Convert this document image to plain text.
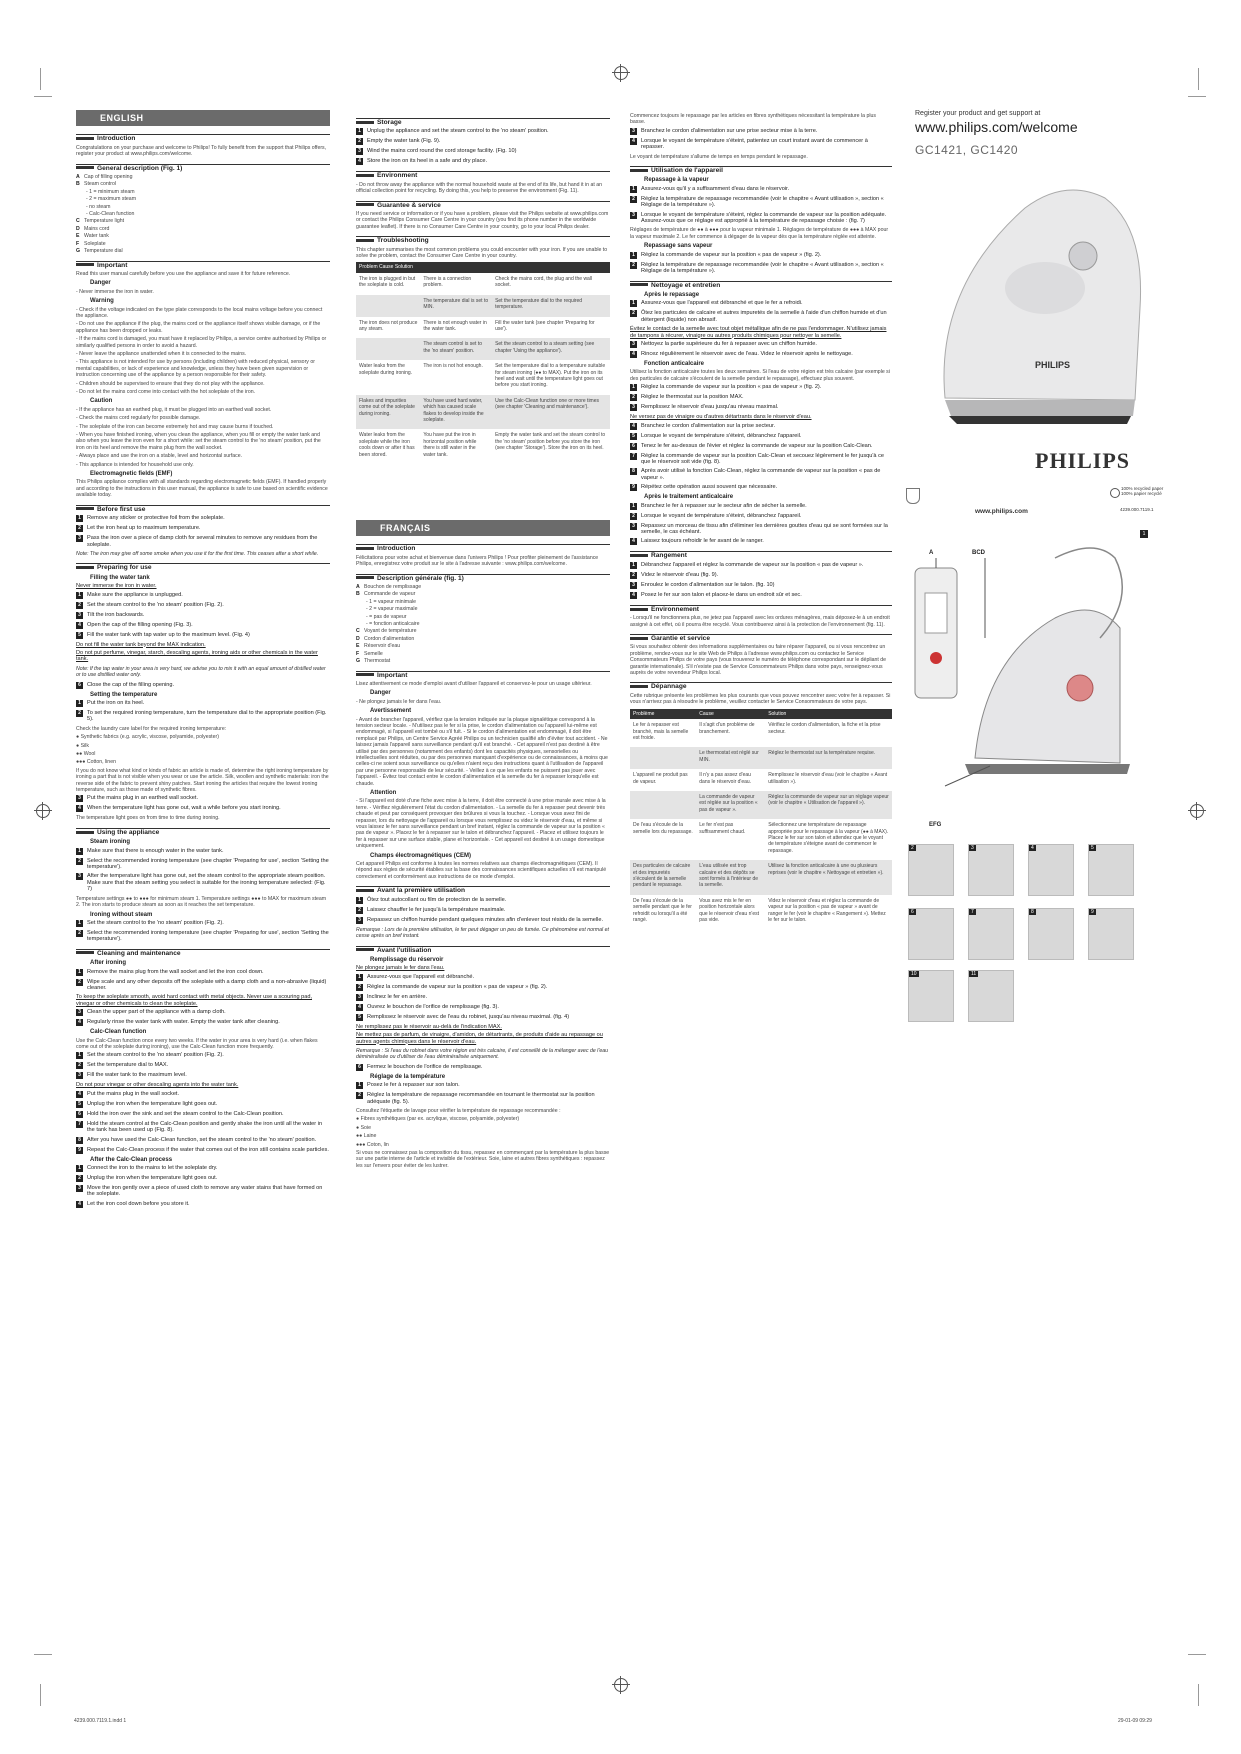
ENGLISH
Introduction
Congratulations on your purchase and welcome to Philips! To fully benefit from the support that Philips offers, register your product at www.philips.com/welcome.
General description (Fig. 1)
A Cap of filling opening
B Steam control
- 1 = minimum steam
- 2 = maximum steam
- no steam
- Calc-Clean function
C Temperature light
D Mains cord
E Water tank
F Soleplate
G Temperature dial
Important
Read this user manual carefully before you use the appliance and save it for future reference.
Danger
- Never immerse the iron in water.
Warning
- Check if the voltage indicated on the type plate corresponds to the local mains voltage before you connect the appliance.
- Do not use the appliance if the plug, the mains cord or the appliance itself shows visible damage, or if the appliance has been dropped or leaks.
- If the mains cord is damaged, you must have it replaced by Philips, a service centre authorised by Philips or similarly qualified persons in order to avoid a hazard.
- Never leave the appliance unattended when it is connected to the mains.
- This appliance is not intended for use by persons (including children) with reduced physical, sensory or mental capabilities, or lack of experience and knowledge, unless they have been given supervision or instruction concerning use of the appliance by a person responsible for their safety.
- Children should be supervised to ensure that they do not play with the appliance.
- Do not let the mains cord come into contact with the hot soleplate of the iron.
Caution
- If the appliance has an earthed plug, it must be plugged into an earthed wall socket.
- Check the mains cord regularly for possible damage.
- The soleplate of the iron can become extremely hot and may cause burns if touched.
- When you have finished ironing, when you clean the appliance, when you fill or empty the water tank and also when you leave the iron even for a short while: set the steam control to the 'no steam' position, put the iron on its heel and remove the mains plug from the wall socket.
- Always place and use the iron on a stable, level and horizontal surface.
- This appliance is intended for household use only.
Electromagnetic fields (EMF)
This Philips appliance complies with all standards regarding electromagnetic fields (EMF). If handled properly and according to the instructions in this user manual, the appliance is safe to use based on scientific evidence available today.
Before first use
1	Remove any sticker or protective foil from the soleplate.
2	Let the iron heat up to maximum temperature.
3	Pass the iron over a piece of damp cloth for several minutes to remove any residues from the soleplate.
Note: The iron may give off some smoke when you use it for the first time. This ceases after a short while.
Preparing for use
Filling the water tank
Never immerse the iron in water.
1	Make sure the appliance is unplugged.
2	Set the steam control to the 'no steam' position (Fig. 2).
3	Tilt the iron backwards.
4	Open the cap of the filling opening (Fig. 3).
5	Fill the water tank with tap water up to the maximum level. (Fig. 4)
Do not fill the water tank beyond the MAX indication.
Do not put perfume, vinegar, starch, descaling agents, ironing aids or other chemicals in the water tank.
Note: If the tap water in your area is very hard, we advise you to mix it with an equal amount of distilled water or to use distilled water only.
6	Close the cap of the filling opening.
Setting the temperature
1	Put the iron on its heel.
2	To set the required ironing temperature, turn the temperature dial to the appropriate position (Fig. 5).
Check the laundry care label for the required ironing temperature:
● Synthetic fabrics (e.g. acrylic, viscose, polyamide, polyester)
● Silk
●● Wool
●●● Cotton, linen
If you do not know what kind or kinds of fabric an article is made of, determine the right ironing temperature by ironing a part that is not visible when you wear or use the article. Silk, woollen and synthetic materials: iron the reverse side of the fabric to prevent shiny patches. Start ironing the articles that require the lowest ironing temperature, such as those made of synthetic fibres.
3	Put the mains plug in an earthed wall socket.
4	When the temperature light has gone out, wait a while before you start ironing.
The temperature light goes on from time to time during ironing.
Using the appliance
Steam ironing
1	Make sure that there is enough water in the water tank.
2	Select the recommended ironing temperature (see chapter 'Preparing for use', section 'Setting the temperature').
3	After the temperature light has gone out, set the steam control to the appropriate steam position. Make sure that the steam setting you select is suitable for the ironing temperature selected: (Fig. 7)
Temperature settings ●● to ●●● for minimum steam 1. Temperature settings ●●● to MAX for maximum steam 2. The iron starts to produce steam as soon as it reaches the set temperature.
Ironing without steam
1	Set the steam control to the 'no steam' position (Fig. 2).
2	Select the recommended ironing temperature (see chapter 'Preparing for use', section 'Setting the temperature').
Cleaning and maintenance
After ironing
1	Remove the mains plug from the wall socket and let the iron cool down.
2	Wipe scale and any other deposits off the soleplate with a damp cloth and a non-abrasive (liquid) cleaner.
To keep the soleplate smooth, avoid hard contact with metal objects. Never use a scouring pad, vinegar or other chemicals to clean the soleplate.
3	Clean the upper part of the appliance with a damp cloth.
4	Regularly rinse the water tank with water. Empty the water tank after cleaning.
Calc-Clean function
Use the Calc-Clean function once every two weeks. If the water in your area is very hard (i.e. when flakes come out of the soleplate during ironing), use the Calc-Clean function more frequently.
1	Set the steam control to the 'no steam' position (Fig. 2).
2	Set the temperature dial to MAX.
3	Fill the water tank to the maximum level.
Do not pour vinegar or other descaling agents into the water tank.
4	Put the mains plug in the wall socket.
5	Unplug the iron when the temperature light goes out.
6	Hold the iron over the sink and set the steam control to the Calc-Clean position.
7	Hold the steam control at the Calc-Clean position and gently shake the iron until all the water in the tank has been used up (Fig. 8).
8	After you have used the Calc-Clean function, set the steam control to the 'no steam' position.
9	Repeat the Calc-Clean process if the water that comes out of the iron still contains scale particles.
After the Calc-Clean process
1	Connect the iron to the mains to let the soleplate dry.
2	Unplug the iron when the temperature light goes out.
3	Move the iron gently over a piece of used cloth to remove any water stains that have formed on the soleplate.
4	Let the iron cool down before you store it.
Storage
1	Unplug the appliance and set the steam control to the 'no steam' position.
2	Empty the water tank (Fig. 9).
3	Wind the mains cord round the cord storage facility. (Fig. 10)
4	Store the iron on its heel in a safe and dry place.
Environment
- Do not throw away the appliance with the normal household waste at the end of its life, but hand it in at an official collection point for recycling. By doing this, you help to preserve the environment (Fig. 11).
Guarantee & service
If you need service or information or if you have a problem, please visit the Philips website at www.philips.com or contact the Philips Consumer Care Centre in your country (you find its phone number in the worldwide guarantee leaflet). If there is no Consumer Care Centre in your country, go to your local Philips dealer.
Troubleshooting
This chapter summarises the most common problems you could encounter with your iron. If you are unable to solve the problem, contact the Consumer Care Centre in your country.
Problem Cause Solution		
The iron is plugged in but the soleplate is cold.	There is a connection problem.	Check the mains cord, the plug and the wall socket.
	The temperature dial is set to MIN.	Set the temperature dial to the required temperature.
The iron does not produce any steam.	There is not enough water in the water tank.	Fill the water tank (see chapter 'Preparing for use').
	The steam control is set to the 'no steam' position.	Set the steam control to a steam setting (see chapter 'Using the appliance').
Water leaks from the soleplate during ironing.	The iron is not hot enough.	Set the temperature dial to a temperature suitable for steam ironing (●● to MAX). Put the iron on its heel and wait until the temperature light goes out before you start ironing.
Flakes and impurities come out of the soleplate during ironing.	You have used hard water, which has caused scale flakes to develop inside the soleplate.	Use the Calc-Clean function one or more times (see chapter 'Cleaning and maintenance').
Water leaks from the soleplate while the iron cools down or after it has been stored.	You have put the iron in horizontal position while there is still water in the water tank.	Empty the water tank and set the steam control to the 'no steam' position before you store the iron (see chapter 'Storage'). Store the iron on its heel.
FRANÇAIS
Introduction
Félicitations pour votre achat et bienvenue dans l'univers Philips ! Pour profiter pleinement de l'assistance Philips, enregistrez votre produit sur le site à l'adresse suivante : www.philips.com/welcome.
Description générale (fig. 1)
A Bouchon de remplissage
B Commande de vapeur
- 1 = vapeur minimale
- 2 = vapeur maximale
- = pas de vapeur
- = fonction anticalcaire
C Voyant de température
D Cordon d'alimentation
E Réservoir d'eau
F Semelle
G Thermostat
Important
Lisez attentivement ce mode d'emploi avant d'utiliser l'appareil et conservez-le pour un usage ultérieur.
Danger
- Ne plongez jamais le fer dans l'eau.
Avertissement
- Avant de brancher l'appareil, vérifiez que la tension indiquée sur la plaque signalétique correspond à la tension secteur locale. - N'utilisez pas le fer si la prise, le cordon d'alimentation ou l'appareil lui-même est endommagé, si l'appareil est tombé ou s'il fuit. - Si le cordon d'alimentation est endommagé, il doit être remplacé par Philips, un Centre Service Agréé Philips ou un technicien qualifié afin d'éviter tout accident. - Ne laissez jamais l'appareil sans surveillance pendant qu'il est branché. - Cet appareil n'est pas destiné à être utilisé par des personnes (notamment des enfants) dont les capacités physiques, sensorielles ou intellectuelles sont réduites, ou par des personnes manquant d'expérience ou de connaissances, à moins que celles-ci ne soient sous surveillance ou qu'elles n'aient reçu des instructions quant à l'utilisation de l'appareil par une personne responsable de leur sécurité. - Veillez à ce que les enfants ne puissent pas jouer avec l'appareil. - Évitez tout contact entre le cordon d'alimentation et la semelle du fer à repasser lorsqu'elle est chaude.
Attention
- Si l'appareil est doté d'une fiche avec mise à la terre, il doit être connecté à une prise murale avec mise à la terre. - Vérifiez régulièrement l'état du cordon d'alimentation. - La semelle du fer à repasser peut devenir très chaude et peut par conséquent provoquer des brûlures si vous la touchez. - Lorsque vous avez fini de repasser, lors du nettoyage de l'appareil ou lorsque vous remplissez ou videz le réservoir d'eau, et même si vous laissez le fer sans surveillance pendant un bref instant, réglez la commande de vapeur sur la position « pas de vapeur ». Placez le fer à repasser sur le talon et débranchez l'appareil. - Placez et utilisez toujours le fer à repasser sur une surface stable, plane et horizontale. - Cet appareil est destiné à un usage domestique uniquement.
Champs électromagnétiques (CEM)
Cet appareil Philips est conforme à toutes les normes relatives aux champs électromagnétiques (CEM). Il répond aux règles de sécurité établies sur la base des connaissances scientifiques actuelles s'il est manipulé correctement et conformément aux instructions de ce mode d'emploi.
Avant la première utilisation
1	Ôtez tout autocollant ou film de protection de la semelle.
2	Laissez chauffer le fer jusqu'à la température maximale.
3	Repassez un chiffon humide pendant quelques minutes afin d'enlever tout résidu de la semelle.
Remarque : Lors de la première utilisation, le fer peut dégager un peu de fumée. Ce phénomène est normal et cesse après un bref instant.
Avant l'utilisation
Remplissage du réservoir
Ne plongez jamais le fer dans l'eau.
1	Assurez-vous que l'appareil est débranché.
2	Réglez la commande de vapeur sur la position « pas de vapeur » (fig. 2).
3	Inclinez le fer en arrière.
4	Ouvrez le bouchon de l'orifice de remplissage (fig. 3).
5	Remplissez le réservoir avec de l'eau du robinet, jusqu'au niveau maximal. (fig. 4)
Ne remplissez pas le réservoir au-delà de l'indication MAX.
Ne mettez pas de parfum, de vinaigre, d'amidon, de détartrants, de produits d'aide au repassage ou autres agents chimiques dans le réservoir d'eau.
Remarque : Si l'eau du robinet dans votre région est très calcaire, il est conseillé de la mélanger avec de l'eau déminéralisée ou d'utiliser de l'eau déminéralisée uniquement.
6	Fermez le bouchon de l'orifice de remplissage.
Réglage de la température
1	Posez le fer à repasser sur son talon.
2	Réglez la température de repassage recommandée en tournant le thermostat sur la position adéquate (fig. 5).
Consultez l'étiquette de lavage pour vérifier la température de repassage recommandée :
● Fibres synthétiques (par ex. acrylique, viscose, polyamide, polyester)
● Soie
●● Laine
●●● Coton, lin
Si vous ne connaissez pas la composition du tissu, repassez en commençant par la température la plus basse sur une partie interne de l'article et invisible de l'extérieur. Soie, laine et autres fibres synthétiques : repassez les sur l'envers pour éviter de les lustrer.
Commencez toujours le repassage par les articles en fibres synthétiques nécessitant la température la plus basse.
3	Branchez le cordon d'alimentation sur une prise secteur mise à la terre.
4	Lorsque le voyant de température s'éteint, patientez un court instant avant de commencer à repasser.
Le voyant de température s'allume de temps en temps pendant le repassage.
Utilisation de l'appareil
Repassage à la vapeur
1	Assurez-vous qu'il y a suffisamment d'eau dans le réservoir.
2	Réglez la température de repassage recommandée (voir le chapitre « Avant utilisation », section « Réglage de la température »).
3	Lorsque le voyant de température s'éteint, réglez la commande de vapeur sur la position adéquate. Assurez-vous que ce réglage est approprié à la température de repassage choisie : (fig. 7)
Réglages de température de ●● à ●●● pour la vapeur minimale 1. Réglages de température de ●●● à MAX pour la vapeur maximale 2. Le fer commence à dégager de la vapeur dès que la température réglée est atteinte.
Repassage sans vapeur
1	Réglez la commande de vapeur sur la position « pas de vapeur » (fig. 2).
2	Réglez la température de repassage recommandée (voir le chapitre « Avant utilisation », section « Réglage de la température »).
Nettoyage et entretien
Après le repassage
1	Assurez-vous que l'appareil est débranché et que le fer a refroidi.
2	Ôtez les particules de calcaire et autres impuretés de la semelle à l'aide d'un chiffon humide et d'un détergent (liquide) non abrasif.
Évitez le contact de la semelle avec tout objet métallique afin de ne pas l'endommager. N'utilisez jamais de tampons à récurer, vinaigre ou autres produits chimiques pour nettoyer la semelle.
3	Nettoyez la partie supérieure du fer à repasser avec un chiffon humide.
4	Rincez régulièrement le réservoir avec de l'eau. Videz le réservoir après le nettoyage.
Fonction anticalcaire
Utilisez la fonction anticalcaire toutes les deux semaines. Si l'eau de votre région est très calcaire (par exemple si des particules de calcaire s'écoulent de la semelle pendant le repassage), effectuez plus souvent.
1	Réglez la commande de vapeur sur la position « pas de vapeur » (fig. 2).
2	Réglez le thermostat sur la position MAX.
3	Remplissez le réservoir d'eau jusqu'au niveau maximal.
Ne versez pas de vinaigre ou d'autres détartrants dans le réservoir d'eau.
4	Branchez le cordon d'alimentation sur la prise secteur.
5	Lorsque le voyant de température s'éteint, débranchez l'appareil.
6	Tenez le fer au-dessus de l'évier et réglez la commande de vapeur sur la position Calc-Clean.
7	Réglez la commande de vapeur sur la position Calc-Clean et secouez légèrement le fer jusqu'à ce que le réservoir soit vide (fig. 8).
8	Après avoir utilisé la fonction Calc-Clean, réglez la commande de vapeur sur la position « pas de vapeur ».
9	Répétez cette opération aussi souvent que nécessaire.
Après le traitement anticalcaire
1	Branchez le fer à repasser sur le secteur afin de sécher la semelle.
2	Lorsque le voyant de température s'éteint, débranchez l'appareil.
3	Repassez un morceau de tissu afin d'éliminer les dernières gouttes d'eau qui se sont formées sur la semelle, le cas échéant.
4	Laissez toujours refroidir le fer avant de le ranger.
Rangement
1	Débranchez l'appareil et réglez la commande de vapeur sur la position « pas de vapeur ».
2	Videz le réservoir d'eau (fig. 9).
3	Enroulez le cordon d'alimentation sur le talon. (fig. 10)
4	Posez le fer sur son talon et placez-le dans un endroit sûr et sec.
Environnement
- Lorsqu'il ne fonctionnera plus, ne jetez pas l'appareil avec les ordures ménagères, mais déposez-le à un endroit assigné à cet effet, où il pourra être recyclé. Vous contribuerez ainsi à la protection de l'environnement (fig. 11).
Garantie et service
Si vous souhaitez obtenir des informations supplémentaires ou faire réparer l'appareil, ou si vous rencontrez un problème, rendez-vous sur le site Web de Philips à l'adresse www.philips.com ou contactez le Service Consommateurs Philips de votre pays (vous trouverez le numéro de téléphone correspondant sur le dépliant de garantie internationale). S'il n'existe pas de Service Consommateurs Philips dans votre pays, renseignez-vous auprès de votre revendeur Philips local.
Dépannage
Cette rubrique présente les problèmes les plus courants que vous pouvez rencontrer avec votre fer à repasser. Si vous n'arrivez pas à résoudre le problème, veuillez contacter le Service Consommateurs de votre pays.
Problème	Cause	Solution
Le fer à repasser est branché, mais la semelle est froide.	Il s'agit d'un problème de branchement.	Vérifiez le cordon d'alimentation, la fiche et la prise secteur.
	Le thermostat est réglé sur MIN.	Réglez le thermostat sur la température requise.
L'appareil ne produit pas de vapeur.	Il n'y a pas assez d'eau dans le réservoir d'eau.	Remplissez le réservoir d'eau (voir le chapitre « Avant utilisation »).
	La commande de vapeur est réglée sur la position « pas de vapeur ».	Réglez la commande de vapeur sur un réglage vapeur (voir le chapitre « Utilisation de l'appareil »).
De l'eau s'écoule de la semelle lors du repassage.	Le fer n'est pas suffisamment chaud.	Sélectionnez une température de repassage appropriée pour le repassage à la vapeur (●● à MAX). Placez le fer sur son talon et attendez que le voyant de température s'éteigne avant de commencer le repassage.
Des particules de calcaire et des impuretés s'écoulent de la semelle pendant le repassage.	L'eau utilisée est trop calcaire et des dépôts se sont formés à l'intérieur de la semelle.	Utilisez la fonction anticalcaire à une ou plusieurs reprises (voir le chapitre « Nettoyage et entretien »).
De l'eau s'écoule de la semelle pendant que le fer refroidit ou lorsqu'il a été rangé.	Vous avez mis le fer en position horizontale alors que le réservoir d'eau n'est pas vide.	Videz le réservoir d'eau et réglez la commande de vapeur sur la position « pas de vapeur » avant de ranger le fer (voir le chapitre « Rangement »). Mettez le fer sur le talon.
Register your product and get support at
www.philips.com/welcome
GC1421, GC1420
PHILIPS
PHILIPS
www.philips.com
100% recycled paper
100% papier recyclé
4239.000.7119.1
1
A	BCD
EFG
2	3	4	5
6	7	8	9
10	11
4239.000.7119.1.indd 1	29-01-09 09:29
